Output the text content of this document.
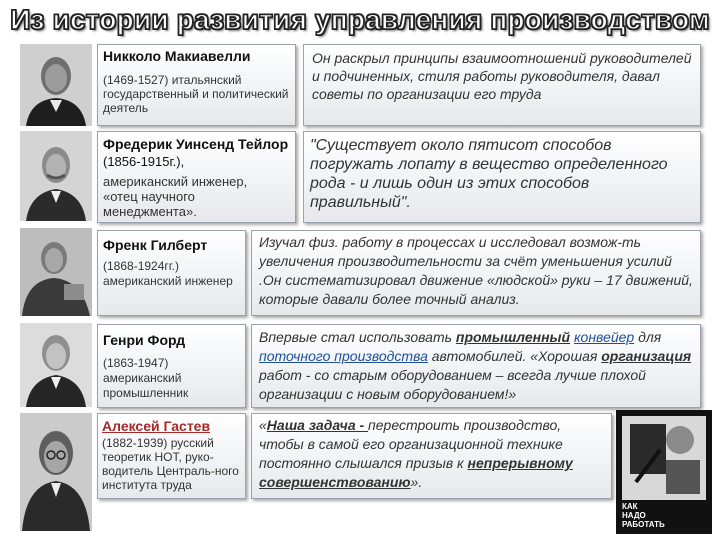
Из истории развития управления производством
Никколо Макиавелли
(1469-1527) итальянский государственный и политический деятель
Он раскрыл принципы взаимоотношений руководителей и подчиненных, стиля работы руководителя, давал советы по организации его труда
Фредерик Уинсенд Тейлор (1856-1915г.),
американский инженер, «отец научного менеджмента».
"Существует около пятисот способов погружать лопату в вещество определенного рода - и лишь один из этих способов правильный".
Френк Гилберт
(1868-1924гг.) американский инженер
Изучал физ. работу в процессах и исследовал возмож-ть увеличения производительности за счёт уменьшения усилий .Он систематизировал движение «людской» руки – 17 движений, которые давали более точный анализ.
Генри Форд
(1863-1947) американский промышленник
Впервые стал использовать промышленный конвейер для поточного производства автомобилей. «Хорошая организация работ - со старым оборудованием – всегда лучше плохой организации с новым оборудованием!»
Алексей Гастев
(1882-1939) русский теоретик НОТ, руко-водитель Централь-ного института труда
«Наша задача - перестроить производство, чтобы в самой его организационной технике постоянно слышался призыв к непрерывному совершенствованию».
КАК
НАДО
РАБОТАТЬ
